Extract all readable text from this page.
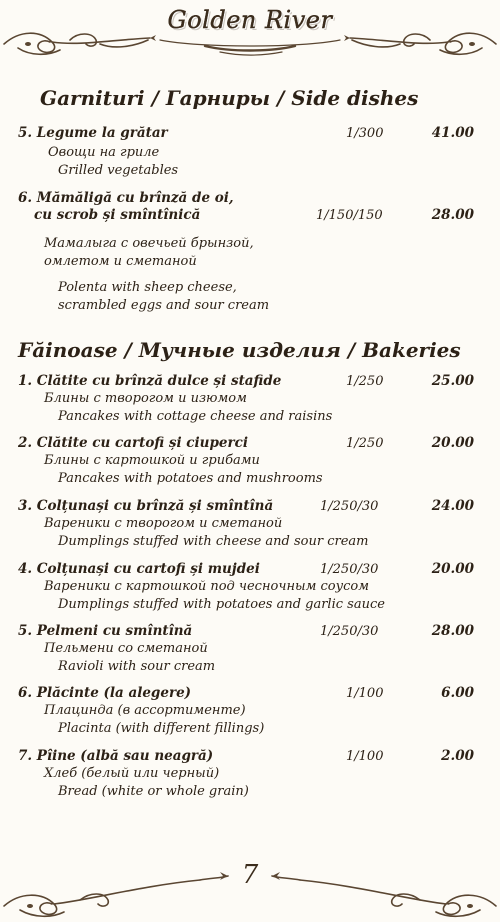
Golden River
Garnituri / Гарниры / Side dishes
5. Legume la grătar	1/300	41.00
Овощи на гриле
Grilled vegetables
6. Mămăligă cu brînză de oi,
cu scrob și smîntînică	1/150/150	28.00
Мамалыга с овечьей брынзой,
омлетом и сметаной
Polenta with sheep cheese,
scrambled eggs and sour cream
Făinoase / Мучные изделия / Bakeries
1. Clătite cu brînză dulce și stafide	1/250	25.00
Блины с творогом и изюмом
Pancakes with cottage cheese and raisins
2. Clătite cu cartofi și ciuperci	1/250	20.00
Блины с картошкой и грибами
Pancakes with potatoes and mushrooms
3. Colțunași cu brînză și smîntînă	1/250/30	24.00
Вареники с творогом и сметаной
Dumplings stuffed with cheese and sour cream
4. Colțunași cu cartofi și mujdei	1/250/30	20.00
Вареники с картошкой под чесночным соусом
Dumplings stuffed with potatoes and garlic sauce
5. Pelmeni cu smîntînă	1/250/30	28.00
Пельмени со сметаной
Ravioli with sour cream
6. Plăcinte (la alegere)	1/100	6.00
Плацинда (в ассортименте)
Placinta (with different fillings)
7. Pîine (albă sau neagră)	1/100	2.00
Хлеб (белый или черный)
Bread (white or whole grain)
7
